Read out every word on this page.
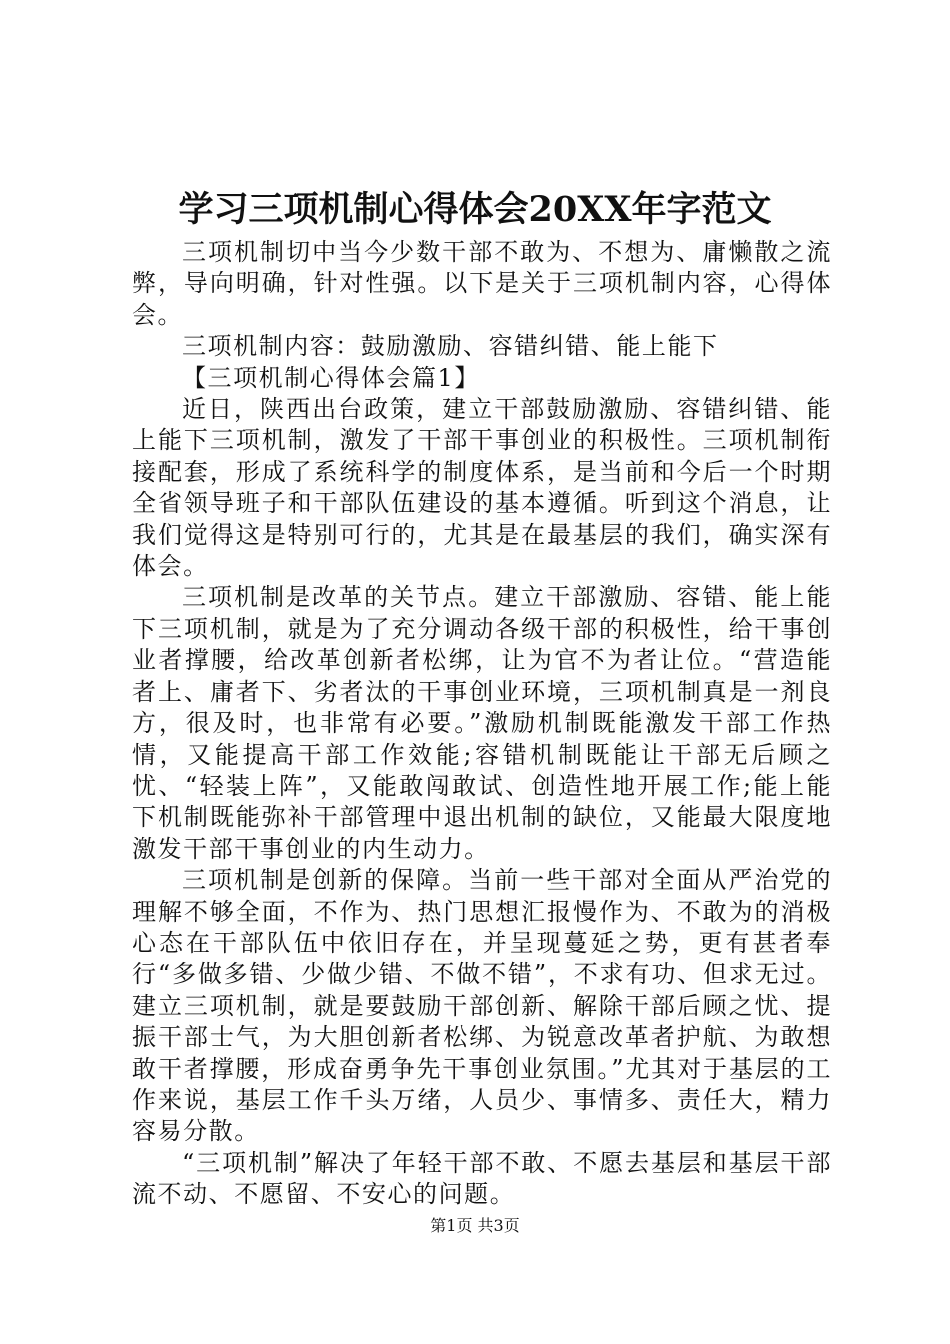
学习三项机制心得体会20XX年字范文

三项机制切中当今少数干部不敢为、不想为、庸懒散之流弊，导向明确，针对性强。以下是关于三项机制内容，心得体会。

三项机制内容：鼓励激励、容错纠错、能上能下

【三项机制心得体会篇1】

近日，陕西出台政策，建立干部鼓励激励、容错纠错、能上能下三项机制，激发了干部干事创业的积极性。三项机制衔接配套，形成了系统科学的制度体系，是当前和今后一个时期全省领导班子和干部队伍建设的基本遵循。听到这个消息，让我们觉得这是特别可行的，尤其是在最基层的我们，确实深有体会。

三项机制是改革的关节点。建立干部激励、容错、能上能下三项机制，就是为了充分调动各级干部的积极性，给干事创业者撑腰，给改革创新者松绑，让为官不为者让位。“营造能者上、庸者下、劣者汰的干事创业环境，三项机制真是一剂良方，很及时，也非常有必要。”激励机制既能激发干部工作热情，又能提高干部工作效能;容错机制既能让干部无后顾之忧、“轻装上阵”，又能敢闯敢试、创造性地开展工作;能上能下机制既能弥补干部管理中退出机制的缺位，又能最大限度地激发干部干事创业的内生动力。

三项机制是创新的保障。当前一些干部对全面从严治党的理解不够全面，不作为、热门思想汇报慢作为、不敢为的消极心态在干部队伍中依旧存在，并呈现蔓延之势，更有甚者奉行“多做多错、少做少错、不做不错”，不求有功、但求无过。建立三项机制，就是要鼓励干部创新、解除干部后顾之忧、提振干部士气，为大胆创新者松绑、为锐意改革者护航、为敢想敢干者撑腰，形成奋勇争先干事创业氛围。”尤其对于基层的工作来说，基层工作千头万绪，人员少、事情多、责任大，精力容易分散。

“三项机制”解决了年轻干部不敢、不愿去基层和基层干部流不动、不愿留、不安心的问题。

第1页 共3页
